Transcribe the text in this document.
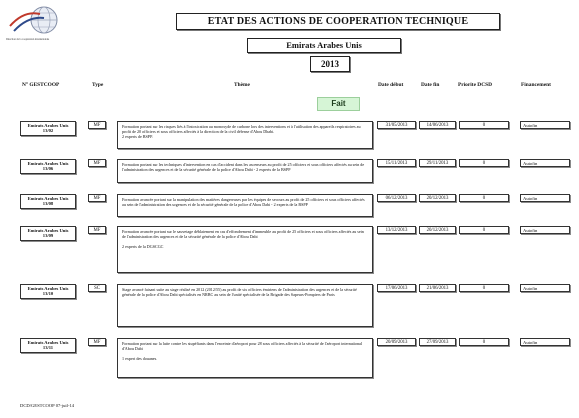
Direction de la coopération internationale
ETAT DES ACTIONS DE COOPERATION TECHNIQUE
Emirats Arabes Unis
2013
N° GESTCOOP	Type	Thème	Date début	Date fin	Priorite DCSD	Financement
Fait
Emirats Arabes Unis 13/02
MF	Formation portant sur les risques liés à l'intoxication au monoxyde de carbone lors des interventions et à l'utilisation des appareils respiratoires au profit de 20 officiers et sous officiers affectés à la direction de la civil défense d'Abou Dhabi.
2 experts de BSPP.
31/05/2013	14/06/2013	0	Autofin
Emirats Arabes Unis 13/06
MF	Formation portant sur les techniques d'intervention en cas d'accident dans les ascenseurs au profit de 25 officiers et sous officiers affectés au sein de l'administration des urgences et de la sécurité générale de la police d'Abou Dabi - 2 experts de la BSPP
15/11/2013	29/11/2013	0	Autofin
Emirats Arabes Unis 13/08
MF	Formation avancée portant sur la manipulation des matières dangereuses par les équipes de secours au profit de 25 officiers et sous officiers affectés au sein de l'administration des urgences et de la sécurité générale de la police d'Abou Dabi - 2 experts de la BSPP
06/12/2013	20/12/2013	0	Autofin
Emirats Arabes Unis 13/09
MF	Formation avancée portant sur le sauvetage déblaiement en cas d'effondrement d'immeuble au profit de 25 officiers et sous officiers affectés au sein de l'administration des urgences et de la sécurité générale de la police d'Abou Dabi
2 experts de la DGSCGC
13/12/2013	20/12/2013	0	Autofin
Emirats Arabes Unis 13/10
SC	Stage avancé faisant suite au stage réalisé en 2012 (2012/55) au profit de six officiers émiriens de l'administration des urgences et de la sécurité générale de la police d'Abou Dabi spécialisés en NRBC au sein de l'unité spécialisée de la Brigade des Sapeurs-Pompiers de Paris
17/06/2013	21/06/2013	0	Autofin
Emirats Arabes Unis 13/11
MF	Formation portant sur la lutte contre les stupéfiants dans l'enceinte d'aéroport pour 28 sous officiers affectés à la sécurité de l'aéroport international d'Abou Dabi
1 expert des douanes.
20/09/2013	27/09/2013	0	Autofin
DCD/GESTCOOP 07-juil-14
